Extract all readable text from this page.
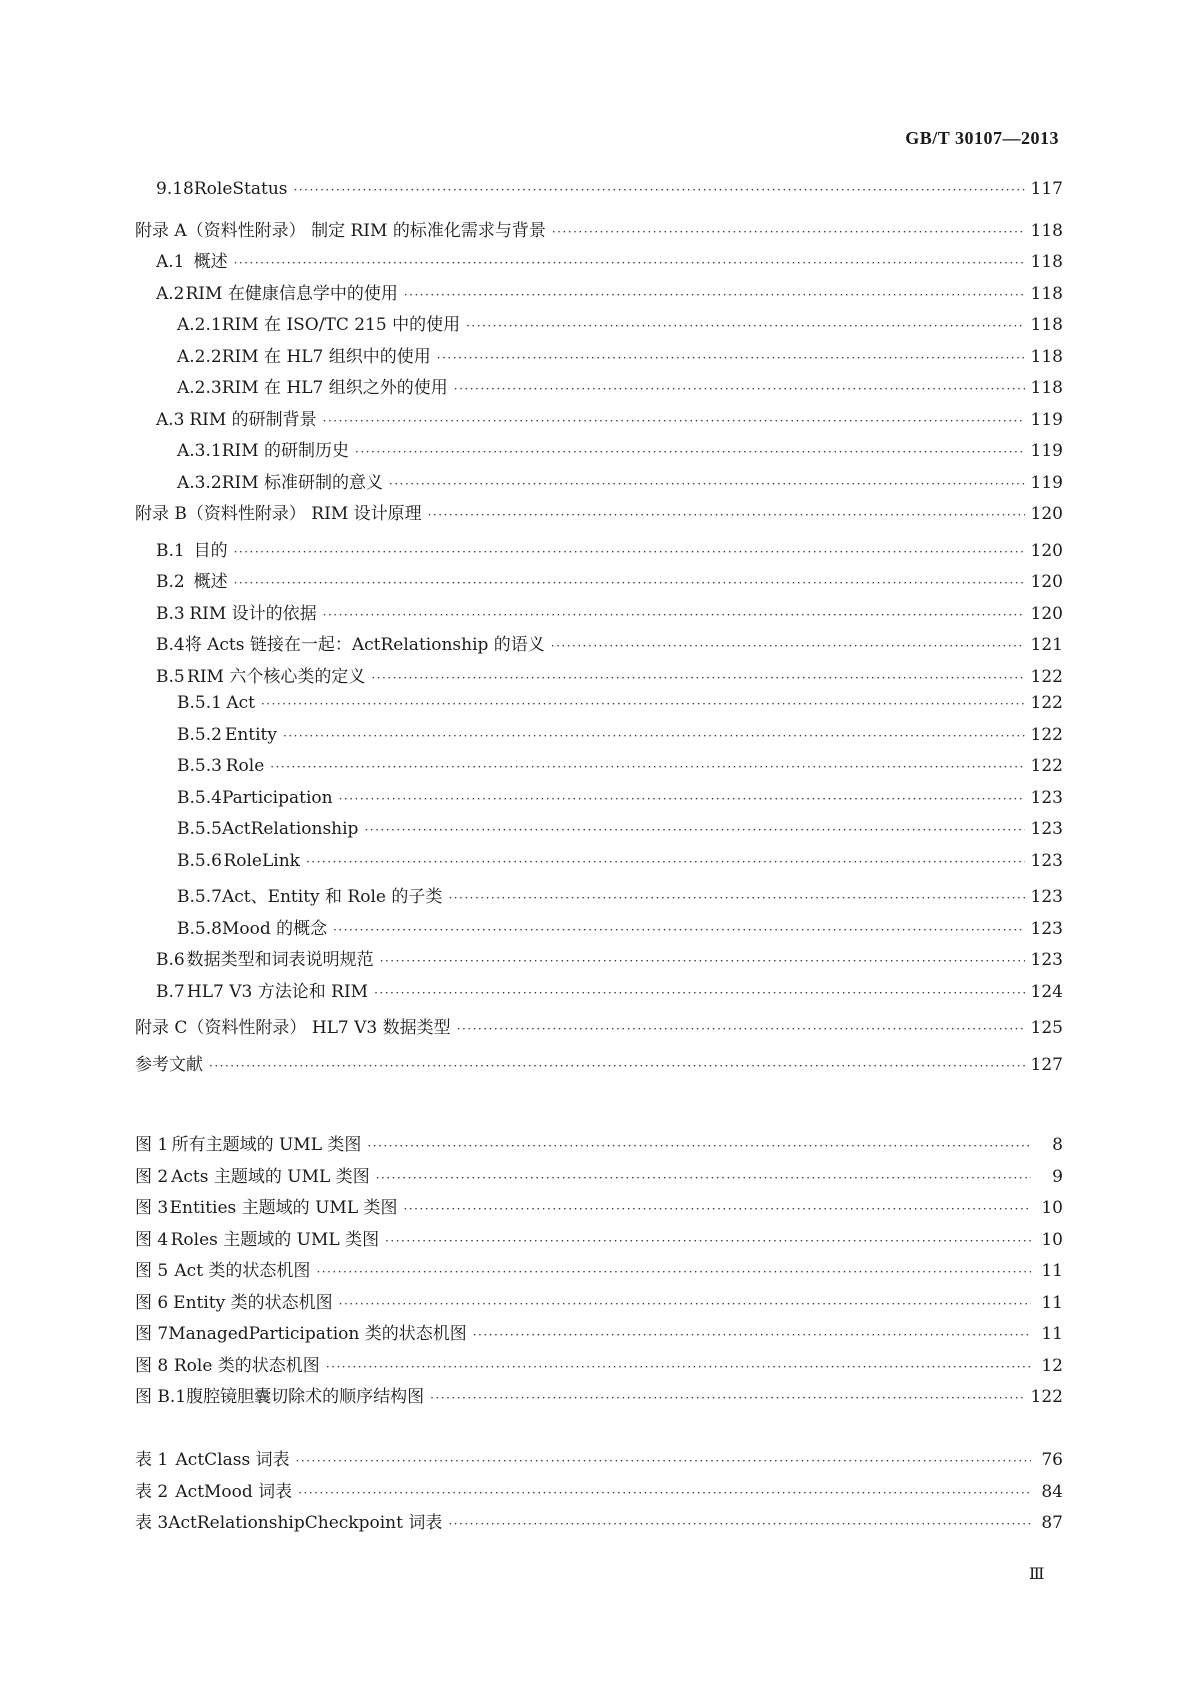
GB/T 30107—2013
9.18 RoleStatus ·····	117
附录 A（资料性附录） 制定 RIM 的标准化需求与背景 ·····	118
A.1 概述 ·····	118
A.2 RIM 在健康信息学中的使用 ·····	118
A.2.1 RIM 在 ISO/TC 215 中的使用 ·····	118
A.2.2 RIM 在 HL7 组织中的使用 ·····	118
A.2.3 RIM 在 HL7 组织之外的使用 ·····	118
A.3 RIM 的研制背景 ·····	119
A.3.1 RIM 的研制历史 ·····	119
A.3.2 RIM 标准研制的意义 ·····	119
附录 B（资料性附录） RIM 设计原理 ·····	120
B.1 目的 ·····	120
B.2 概述 ·····	120
B.3 RIM 设计的依据 ·····	120
B.4 将 Acts 链接在一起：ActRelationship 的语义 ·····	121
B.5 RIM 六个核心类的定义 ·····	122
B.5.1 Act ·····	122
B.5.2 Entity ·····	122
B.5.3 Role ·····	122
B.5.4 Participation ·····	123
B.5.5 ActRelationship ·····	123
B.5.6 RoleLink ·····	123
B.5.7 Act、Entity 和 Role 的子类 ·····	123
B.5.8 Mood 的概念 ·····	123
B.6 数据类型和词表说明规范 ·····	123
B.7 HL7 V3 方法论和 RIM ·····	124
附录 C（资料性附录） HL7 V3 数据类型 ·····	125
参考文献 ·····	127
图 1 所有主题域的 UML 类图 ·····	8
图 2 Acts 主题域的 UML 类图 ·····	9
图 3 Entities 主题域的 UML 类图 ·····	10
图 4 Roles 主题域的 UML 类图 ·····	10
图 5 Act 类的状态机图 ·····	11
图 6 Entity 类的状态机图 ·····	11
图 7 ManagedParticipation 类的状态机图 ·····	11
图 8 Role 类的状态机图 ·····	12
图 B.1 腹腔镜胆囊切除术的顺序结构图 ·····	122
表 1 ActClass 词表 ·····	76
表 2 ActMood 词表 ·····	84
表 3 ActRelationshipCheckpoint 词表 ·····	87
Ⅲ
